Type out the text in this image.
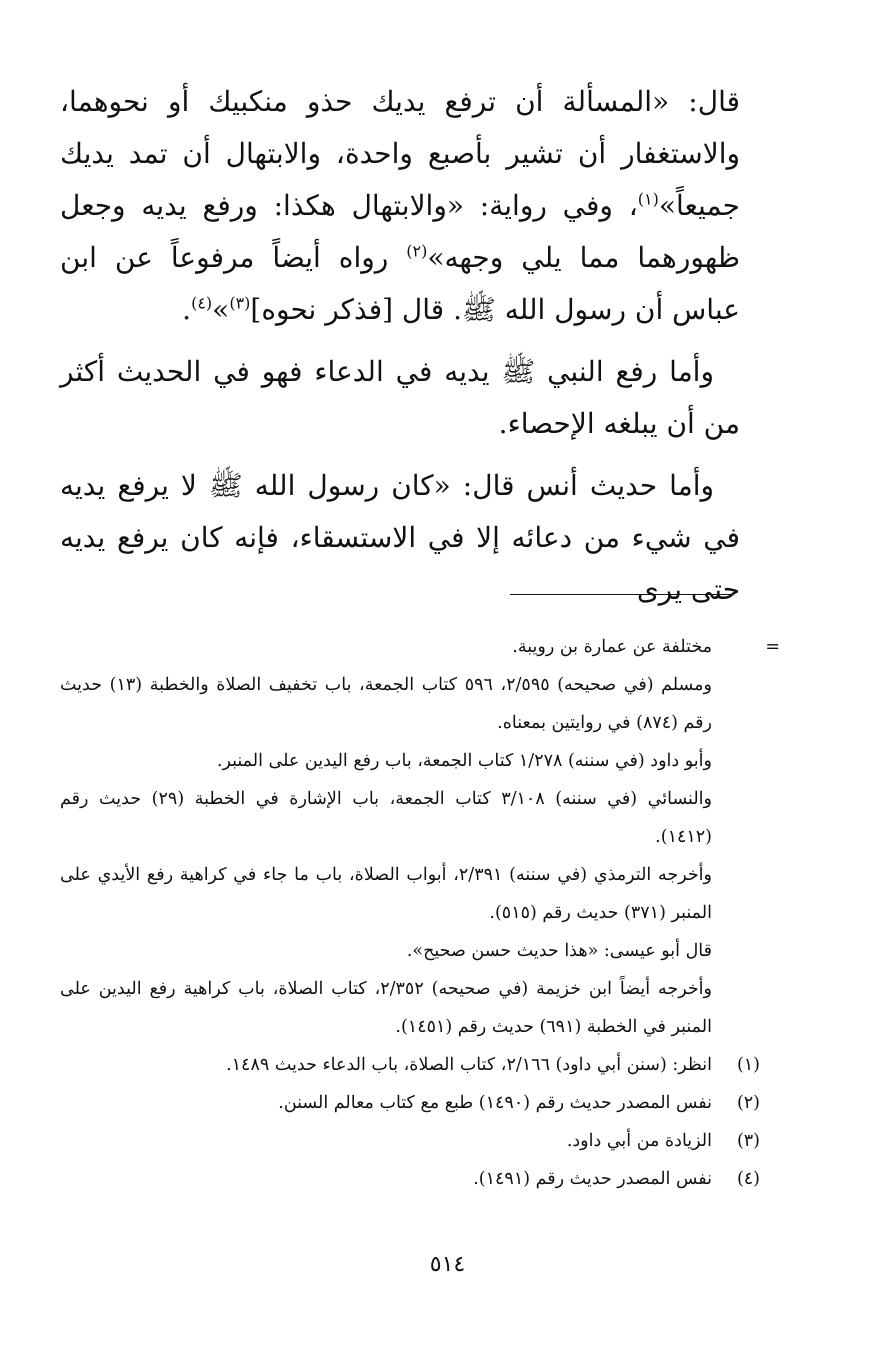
قال: «المسألة أن ترفع يديك حذو منكبيك أو نحوهما، والاستغفار أن تشير بأصبع واحدة، والابتهال أن تمد يديك جميعاً»$^{(١)}$، وفي رواية: «والابتهال هكذا: ورفع يديه وجعل ظهورهما مما يلي وجهه»$^{(٢)}$ رواه أيضاً مرفوعاً عن ابن عباس أن رسول الله ﷺ. قال [فذكر نحوه]$^{(٣)}$»$^{(٤)}$.

وأما رفع النبي ﷺ يديه في الدعاء فهو في الحديث أكثر من أن يبلغه الإحصاء.

وأما حديث أنس قال: «كان رسول الله ﷺ لا يرفع يديه في شيء من دعائه إلا في الاستسقاء، فإنه كان يرفع يديه حتى يرى

=

مختلفة عن عمارة بن رويبة.

ومسلم (في صحيحه) ٢/٥٩٥، ٥٩٦ كتاب الجمعة، باب تخفيف الصلاة والخطبة (١٣) حديث رقم (٨٧٤) في روايتين بمعناه.

وأبو داود (في سننه) ١/٢٧٨ كتاب الجمعة، باب رفع اليدين على المنبر.

والنسائي (في سننه) ٣/١٠٨ كتاب الجمعة، باب الإشارة في الخطبة (٢٩) حديث رقم (١٤١٢).

وأخرجه الترمذي (في سننه) ٢/٣٩١، أبواب الصلاة، باب ما جاء في كراهية رفع الأيدي على المنبر (٣٧١) حديث رقم (٥١٥).

قال أبو عيسى: «هذا حديث حسن صحيح».

وأخرجه أيضاً ابن خزيمة (في صحيحه) ٢/٣٥٢، كتاب الصلاة، باب كراهية رفع اليدين على المنبر في الخطبة (٦٩١) حديث رقم (١٤٥١).

(١)
انظر: (سنن أبي داود) ٢/١٦٦، كتاب الصلاة، باب الدعاء حديث ١٤٨٩.
(٢)
نفس المصدر حديث رقم (١٤٩٠) طبع مع كتاب معالم السنن.
(٣)
الزيادة من أبي داود.
(٤)
نفس المصدر حديث رقم (١٤٩١).
٥١٤
